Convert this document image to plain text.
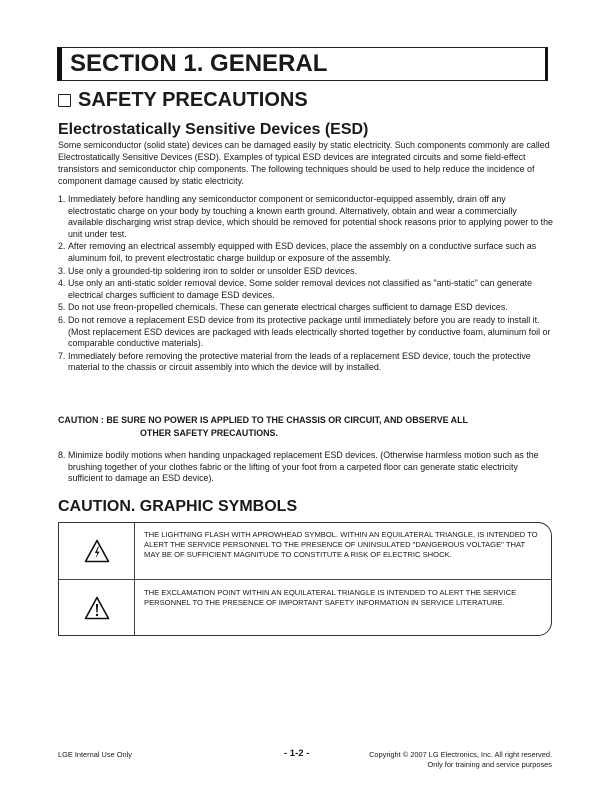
SECTION 1. GENERAL
SAFETY PRECAUTIONS
Electrostatically Sensitive Devices (ESD)
Some semiconductor (solid state) devices can be damaged easily by static electricity. Such components commonly are called Electrostatically Sensitive Devices (ESD). Examples of typical ESD devices are integrated circuits and some field-effect transistors and semiconductor chip components. The following techniques should be used to help reduce the incidence of component damage caused by static electricity.
1. Immediately before handling any semiconductor component or semiconductor-equipped assembly, drain off any electrostatic charge on your body by touching a known earth ground. Alternatively, obtain and wear a commercially available discharging wrist strap device, which should be removed for potential shock reasons prior to applying power to the unit under test.
2. After removing an electrical assembly equipped with ESD devices, place the assembly on a conductive surface such as aluminum foil, to prevent electrostatic charge buildup or exposure of the assembly.
3. Use only a grounded-tip soldering iron to solder or unsolder ESD devices.
4. Use only an anti-static solder removal device. Some solder removal devices not classified as "anti-static" can generate electrical charges sufficient to damage ESD devices.
5. Do not use freon-propelled chemicals. These can generate electrical charges sufficient to damage ESD devices.
6. Do not remove a replacement ESD device from its protective package until immediately before you are ready to install it. (Most replacement ESD devices are packaged with leads electrically shorted together by conductive foam, aluminum foil or comparable conductive materials).
7. Immediately before removing the protective material from the leads of a replacement ESD device, touch the protective material to the chassis or circuit assembly into which the device will by installed.
CAUTION : BE SURE NO POWER IS APPLIED TO THE CHASSIS OR CIRCUIT, AND OBSERVE ALL
OTHER SAFETY PRECAUTIONS.
8. Minimize bodily motions when handing unpackaged replacement ESD devices. (Otherwise harmless motion such as the brushing together of your clothes fabric or the lifting of your foot from a carpeted floor can generate static electricity sufficient to damage an ESD device).
CAUTION. GRAPHIC SYMBOLS
THE LIGHTNING FLASH WITH APROWHEAD SYMBOL. WITHIN AN EQUILATERAL TRIANGLE, IS INTENDED TO ALERT THE SERVICE PERSONNEL TO THE PRESENCE OF UNINSULATED "DANGEROUS VOLTAGE" THAT MAY BE OF SUFFICIENT MAGNITUDE TO CONSTITUTE A RISK OF ELECTRIC SHOCK.
THE EXCLAMATION POINT WITHIN AN EQUILATERAL TRIANGLE IS INTENDED TO ALERT THE SERVICE PERSONNEL TO THE PRESENCE OF IMPORTANT SAFETY INFORMATION IN SERVICE LITERATURE.
LGE Internal Use Only	- 1-2 -	Copyright © 2007 LG Electronics, Inc. All right reserved.
Only for training and service purposes
